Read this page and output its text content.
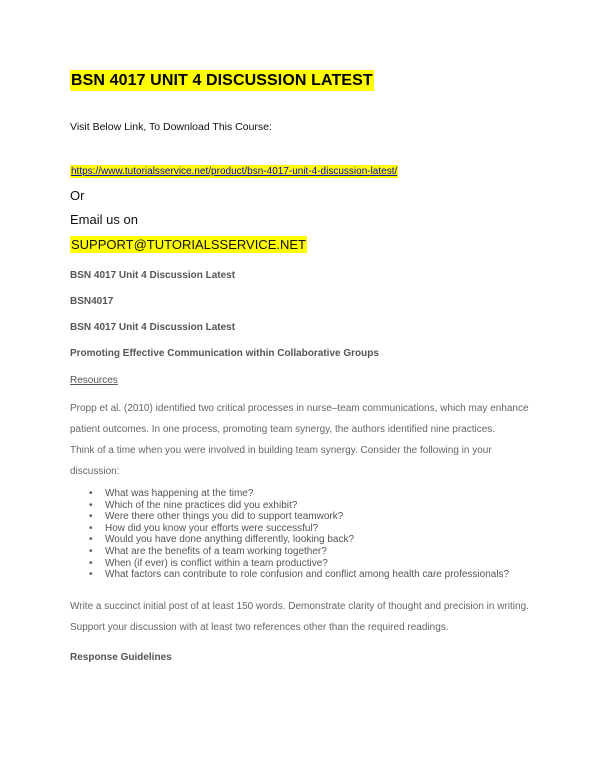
BSN 4017 UNIT 4 DISCUSSION LATEST
Visit Below Link, To Download This Course:
https://www.tutorialsservice.net/product/bsn-4017-unit-4-discussion-latest/
Or
Email us on
SUPPORT@TUTORIALSSERVICE.NET
BSN 4017 Unit 4 Discussion Latest
BSN4017
BSN 4017 Unit 4 Discussion Latest
Promoting Effective Communication within Collaborative Groups
Resources
Propp et al. (2010) identified two critical processes in nurse–team communications, which may enhance patient outcomes. In one process, promoting team synergy, the authors identified nine practices.
Think of a time when you were involved in building team synergy. Consider the following in your discussion:
• What was happening at the time?
• Which of the nine practices did you exhibit?
• Were there other things you did to support teamwork?
• How did you know your efforts were successful?
• Would you have done anything differently, looking back?
• What are the benefits of a team working together?
• When (if ever) is conflict within a team productive?
• What factors can contribute to role confusion and conflict among health care professionals?
Write a succinct initial post of at least 150 words. Demonstrate clarity of thought and precision in writing. Support your discussion with at least two references other than the required readings.
Response Guidelines
